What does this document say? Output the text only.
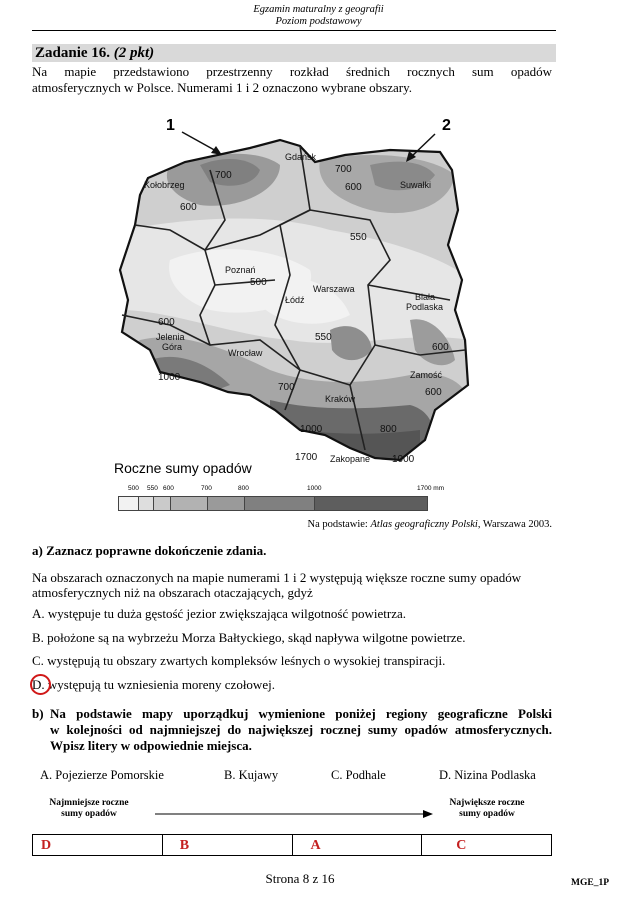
Egzamin maturalny z geografii
Poziom podstawowy
Zadanie 16. (2 pkt)
Na mapie przedstawiono przestrzenny rozkład średnich rocznych sum opadów
atmosferycznych w Polsce. Numerami 1 i 2 oznaczono wybrane obszary.
1	2
Gdańsk
Kołobrzeg	Suwałki
Poznań
Łódź
Warszawa
Biała
Podlaska
Jelenia
Góra
Wrocław
Zamość
Kraków
Zakopane
700
600
700
600
550
500
550
600
600
1000
700	600
1000	800
1700	1000
Roczne sumy opadów
500 550 600	700	800	1000	1700 mm
Na podstawie: Atlas geograficzny Polski, Warszawa 2003.
a) Zaznacz poprawne dokończenie zdania.
Na obszarach oznaczonych na mapie numerami 1 i 2 występują większe roczne sumy opadów
atmosferycznych niż na obszarach otaczających, gdyż
A. występuje tu duża gęstość jezior zwiększająca wilgotność powietrza.
B. położone są na wybrzeżu Morza Bałtyckiego, skąd napływa wilgotne powietrze.
C. występują tu obszary zwartych kompleksów leśnych o wysokiej transpiracji.
D. występują tu wzniesienia moreny czołowej.
b) Na podstawie mapy uporządkuj wymienione poniżej regiony geograficzne Polski
w kolejności od najmniejszej do największej rocznej sumy opadów atmosferycznych.
Wpisz litery w odpowiednie miejsca.
A. Pojezierze Pomorskie	B. Kujawy	C. Podhale	D. Nizina Podlaska
Najmniejsze roczne
sumy opadów
Największe roczne
sumy opadów
D	B	A	C
Strona 8 z 16	MGE_1P
